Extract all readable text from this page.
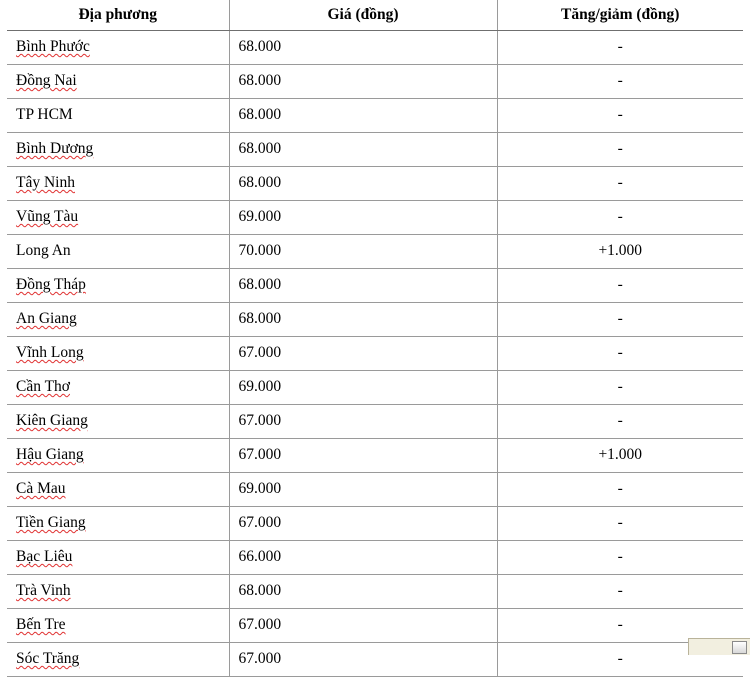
Địa phương	Giá (đồng)	Tăng/giảm (đồng)
Bình Phước	68.000	-
Đồng Nai	68.000	-
TP HCM	68.000	-
Bình Dương	68.000	-
Tây Ninh	68.000	-
Vũng Tàu	69.000	-
Long An	70.000	+1.000
Đồng Tháp	68.000	-
An Giang	68.000	-
Vĩnh Long	67.000	-
Cần Thơ	69.000	-
Kiên Giang	67.000	-
Hậu Giang	67.000	+1.000
Cà Mau	69.000	-
Tiền Giang	67.000	-
Bạc Liêu	66.000	-
Trà Vinh	68.000	-
Bến Tre	67.000	-
Sóc Trăng	67.000	-
